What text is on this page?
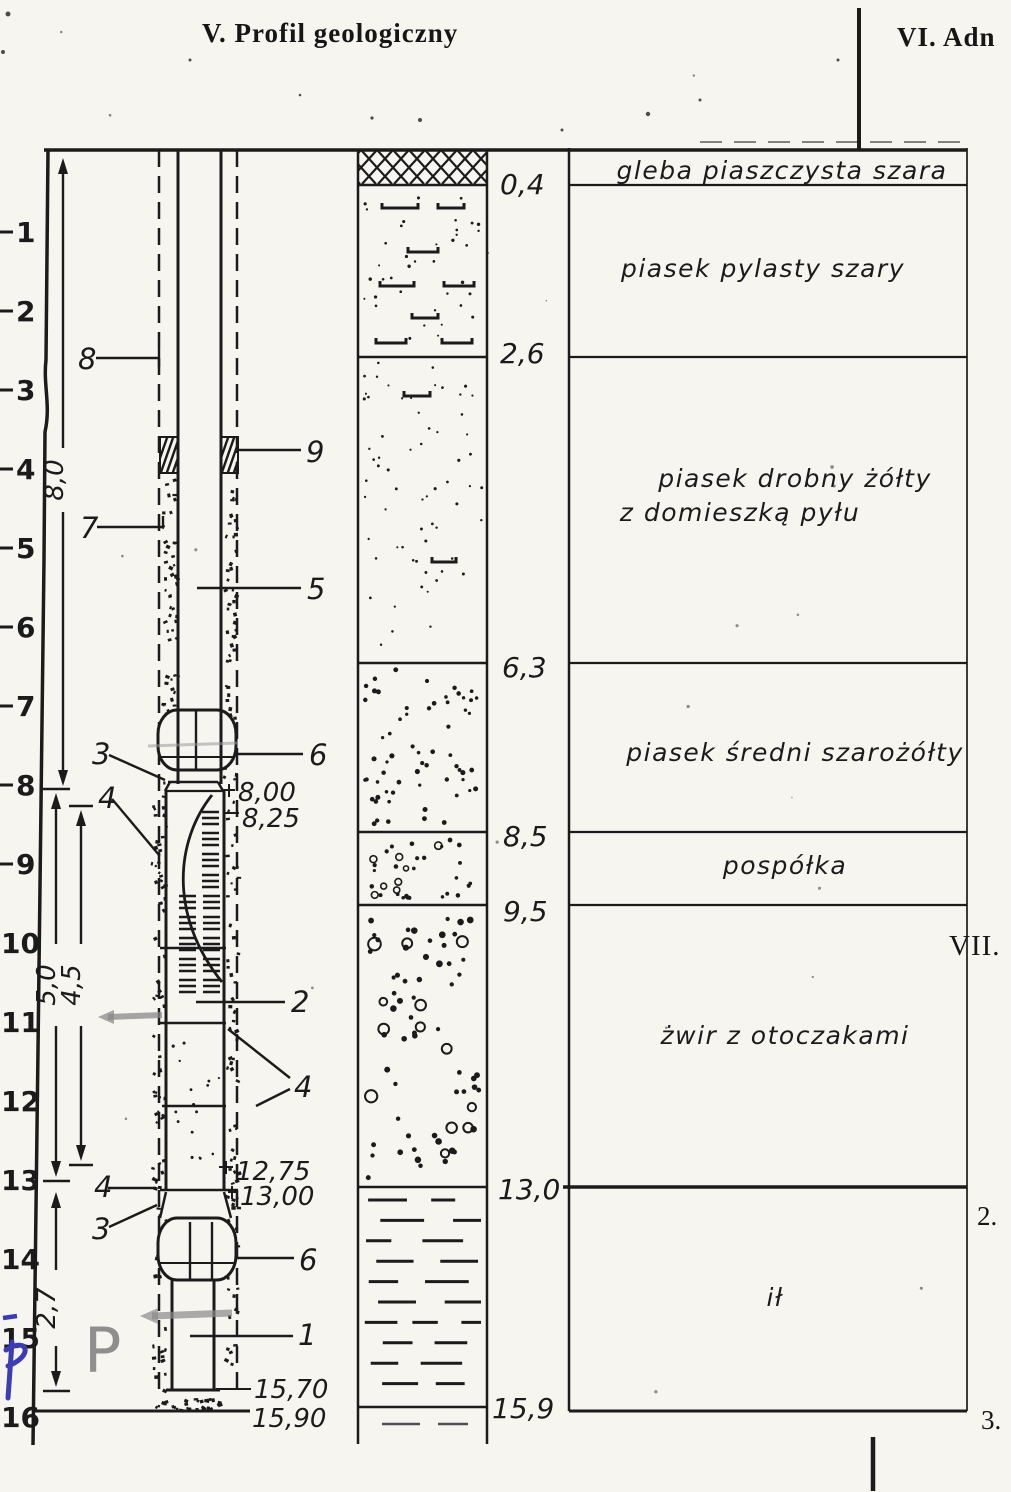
V. Profil geologiczny	VI. Adn
VII.
2.
3.
1
2
3
4
5
6
7
8
9
10
11
12
13
14
15
16
8,0
5,0
4,5
2,7
8,00
8,25
12,75
13,00
15,70
15,90
8
7
9
5
6
3
4
2
4
4
3
6
1
0,4
2,6
6,3
8,5
9,5
13,0
15,9
gleba piaszczysta szara
piasek pylasty szary
piasek drobny żółty
z domieszką pyłu
piasek średni szarożółty
pospółka
żwir z otoczakami
ił
P
